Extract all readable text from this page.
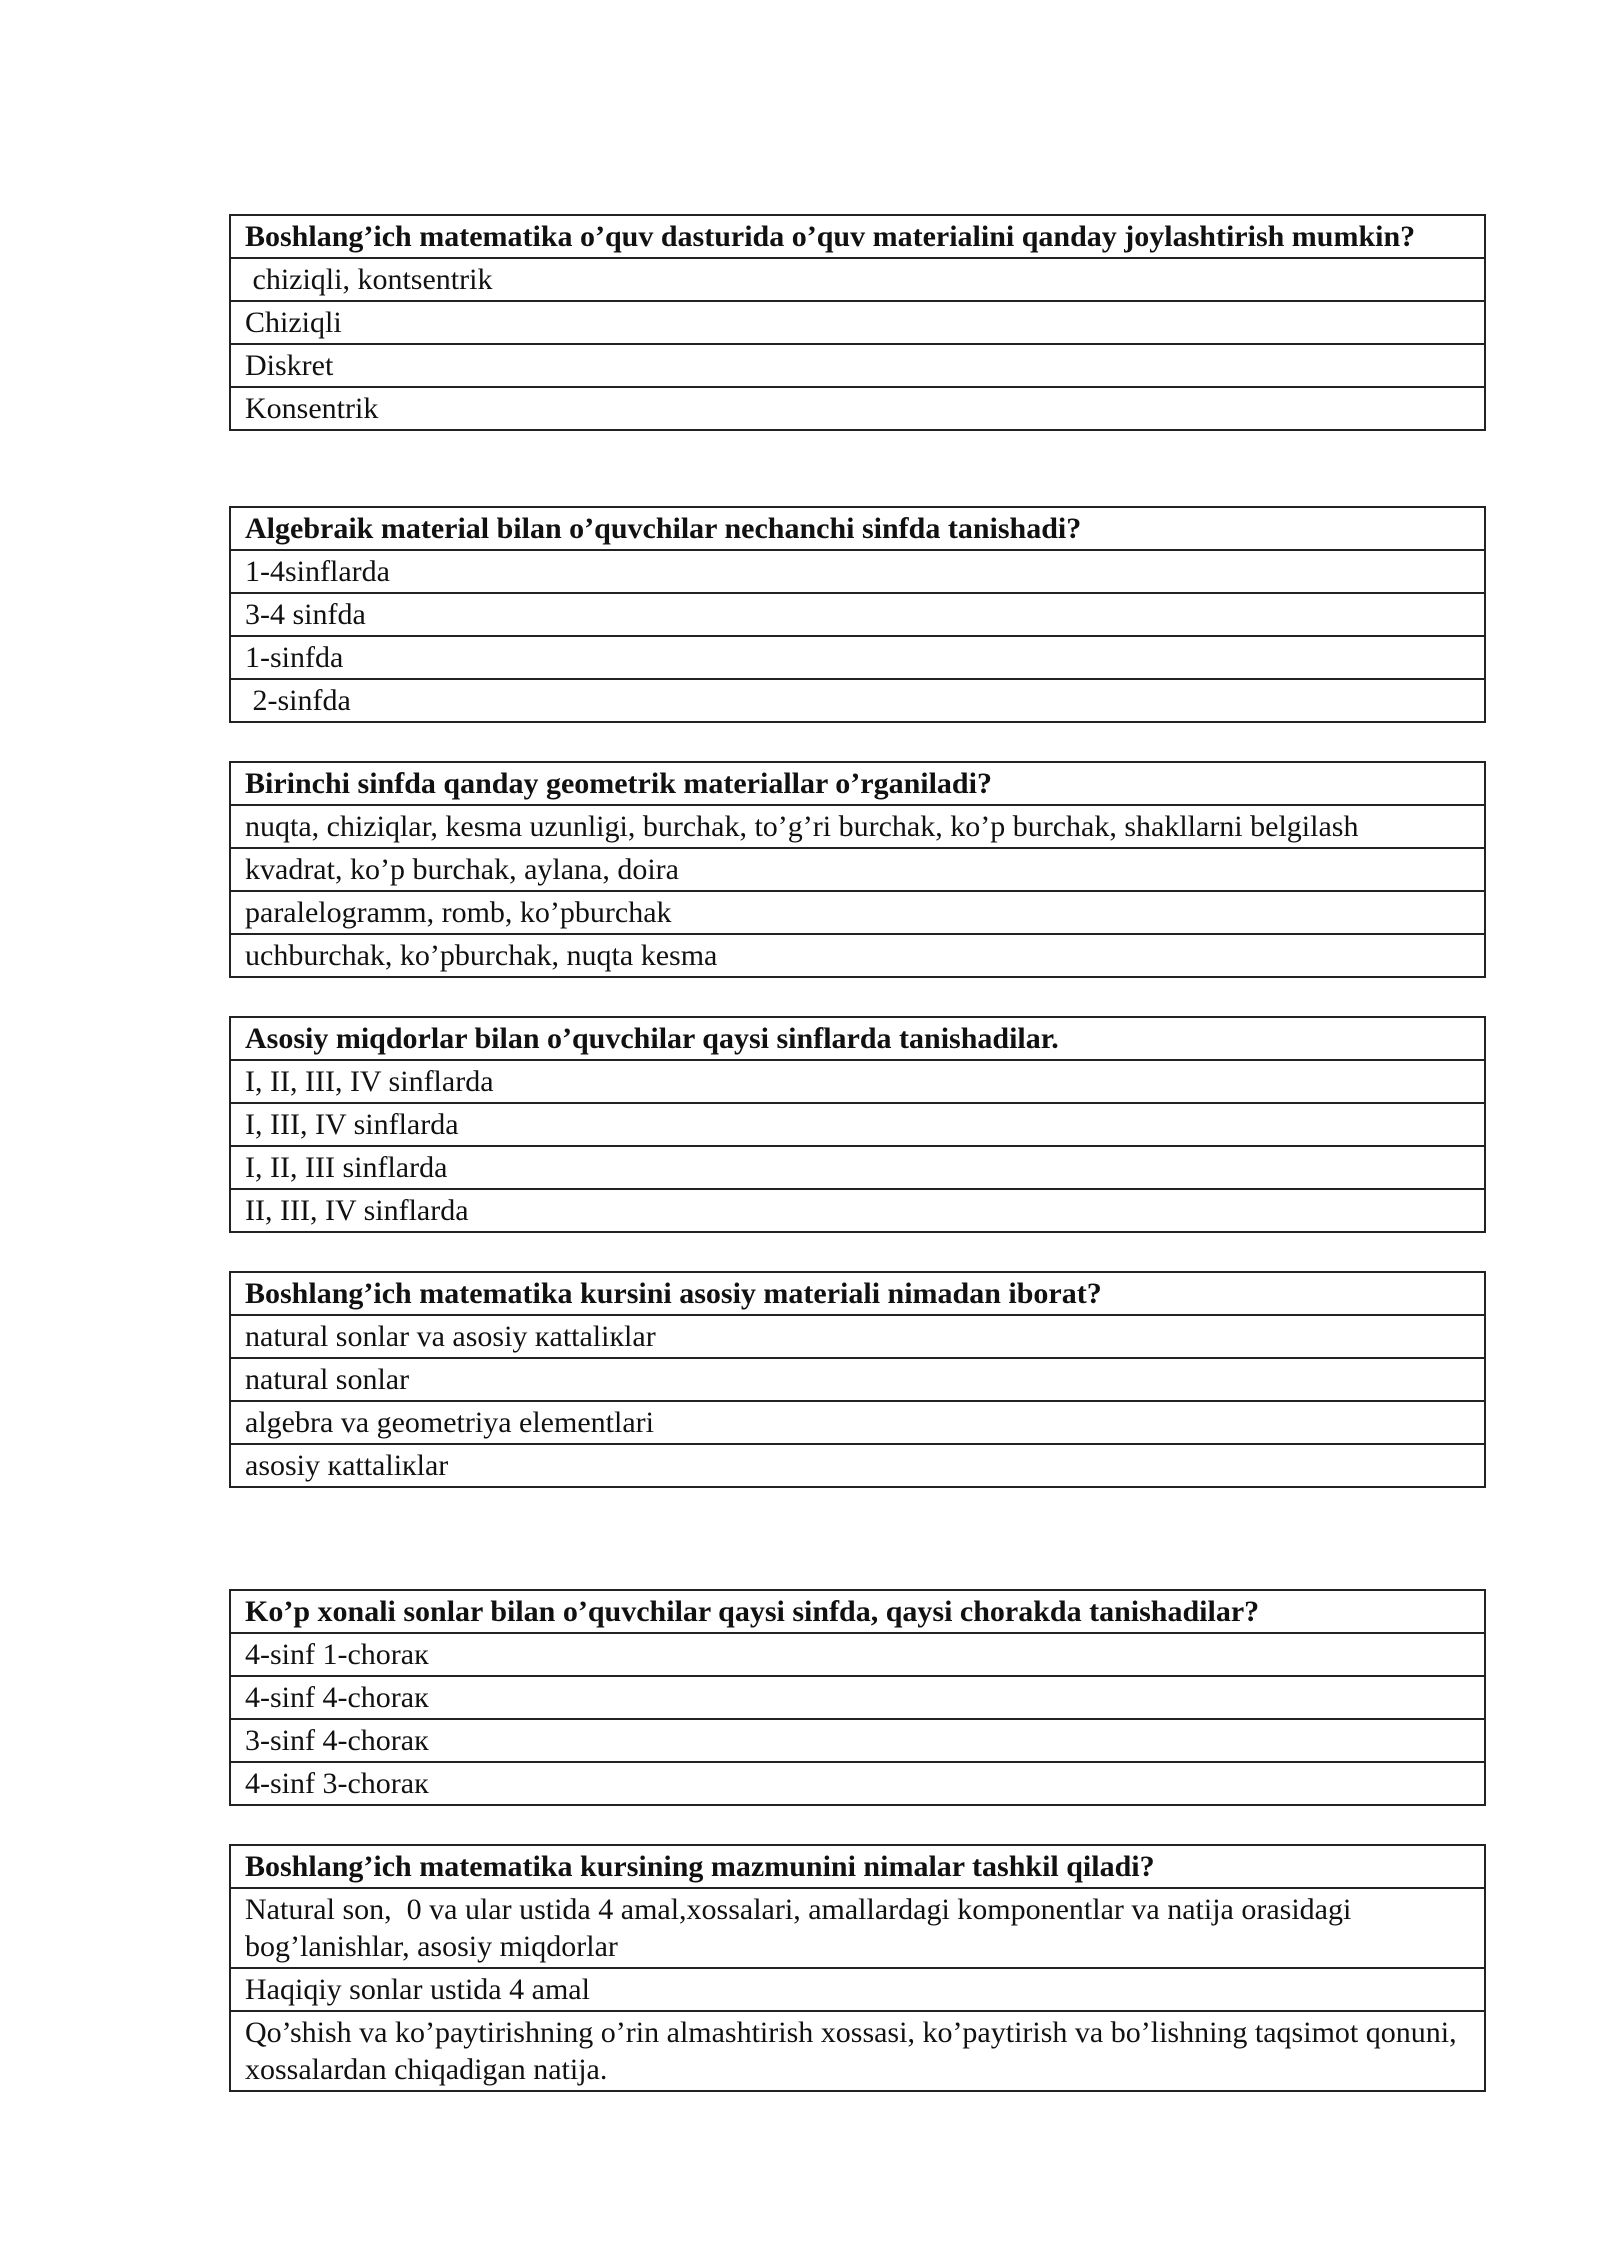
Boshlang’ich matematika o’quv dasturida o’quv materialini qanday joylashtirish mumkin?
chiziqli, kontsentrik
Chiziqli
Diskret
Konsentrik
Algebraik material bilan o’quvchilar nechanchi sinfda tanishadi?
1-4sinflarda
3-4 sinfda
1-sinfda
2-sinfda
Birinchi sinfda qanday geometrik materiallar o’rganiladi?
nuqta, chiziqlar, kesma uzunligi, burchak, to’g’ri burchak, ko’p burchak, shakllarni belgilash
kvadrat, ko’p burchak, aylana, doira
paralelogramm, romb, ko’pburchak
uchburchak, ko’pburchak, nuqta kesma
Asosiy miqdorlar bilan o’quvchilar qaysi sinflarda tanishadilar.
I, II, III, IV sinflarda
I, III, IV sinflarda
I, II, III sinflarda
II, III, IV sinflarda
Boshlang’ich matematika kursini asosiy materiali nimadan iborat?
natural sonlar va asosiy кattaliкlar
natural sonlar
algebra va geometriya elementlari
asosiy кattaliкlar
Ko’p xonali sonlar bilan o’quvchilar qaysi sinfda, qaysi chorakda tanishadilar?
4-sinf 1-chorак
4-sinf 4-chorак
3-sinf 4-chorак
4-sinf 3-chorак
Boshlang’ich matematika kursining mazmunini nimalar tashkil qiladi?
Natural son,  0 va ular ustida 4 amal,xossalari, amallardagi komponentlar va natija orasidagi bog’lanishlar, asosiy miqdorlar
Haqiqiy sonlar ustida 4 amal
Qo’shish va ko’paytirishning o’rin almashtirish xossasi, ko’paytirish va bo’lishning taqsimot qonuni, xossalardan chiqadigan natija.
